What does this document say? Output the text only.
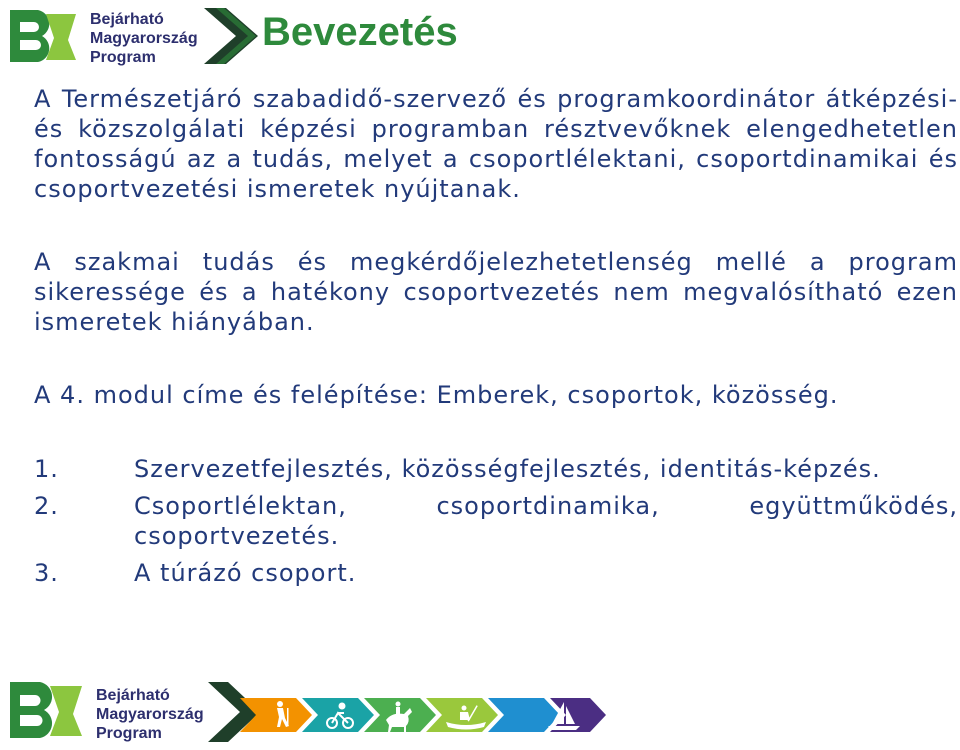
Bejárható
Magyarország
Program
Bevezetés

A Természetjáró szabadidő-szervező és programkoordinátor átképzési-és közszolgálati képzési programban résztvevőknek elengedhetetlen fontosságú az a tudás, melyet a csoportlélektani, csoportdinamikai és csoportvezetési ismeretek nyújtanak.

A szakmai tudás és megkérdőjelezhetetlenség mellé a program sikeressége és a hatékony csoportvezetés nem megvalósítható ezen ismeretek hiányában.

A 4. modul címe és felépítése: Emberek, csoportok, közösség.

1.	Szervezetfejlesztés, közösségfejlesztés, identitás-képzés.
2.	Csoportlélektan, csoportdinamika, együttműködés, csoportvezetés.
3.	A túrázó csoport.
Bejárható
Magyarország
Program
